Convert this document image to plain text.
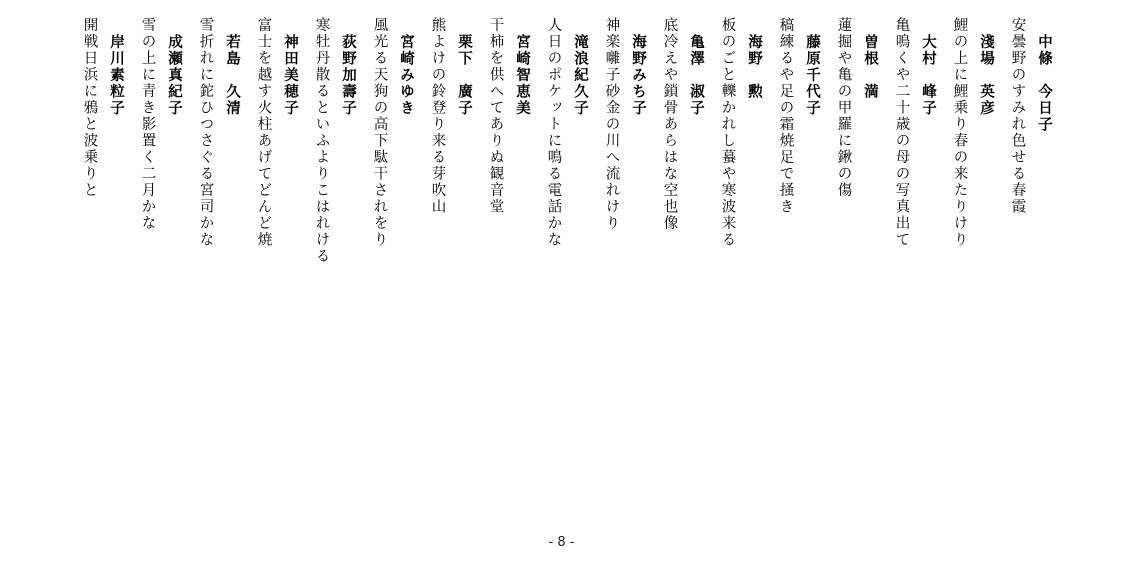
中條　今日子
安曇野のすみれ色せる春霞
淺場　英彦
鯉の上に鯉乗り春の来たりけり
大村　峰子
亀鳴くや二十歳の母の写真出て
曽根　満
蓮掘や亀の甲羅に鍬の傷
藤原千代子
稿練るや足の霜焼足で掻き
海野　勲
板のごと轢かれし蟇や寒波来る
亀澤　淑子
底冷えや鎖骨あらはな空也像
海野みち子
神楽囃子砂金の川へ流れけり
滝浪紀久子
人日のポケットに鳴る電話かな
宮崎智恵美
干柿を供へてありぬ観音堂
栗下　廣子
熊よけの鈴登り来る芽吹山
宮崎みゆき
風光る天狗の高下駄干されをり
荻野加壽子
寒牡丹散るといふよりこはれける
神田美穂子
富士を越す火柱あげてどんど焼
若島　久清
雪折れに鉈ひつさぐる宮司かな
成瀬真紀子
雪の上に青き影置く二月かな
岸川素粒子
開戦日浜に鴉と波乗りと
- 8 -
